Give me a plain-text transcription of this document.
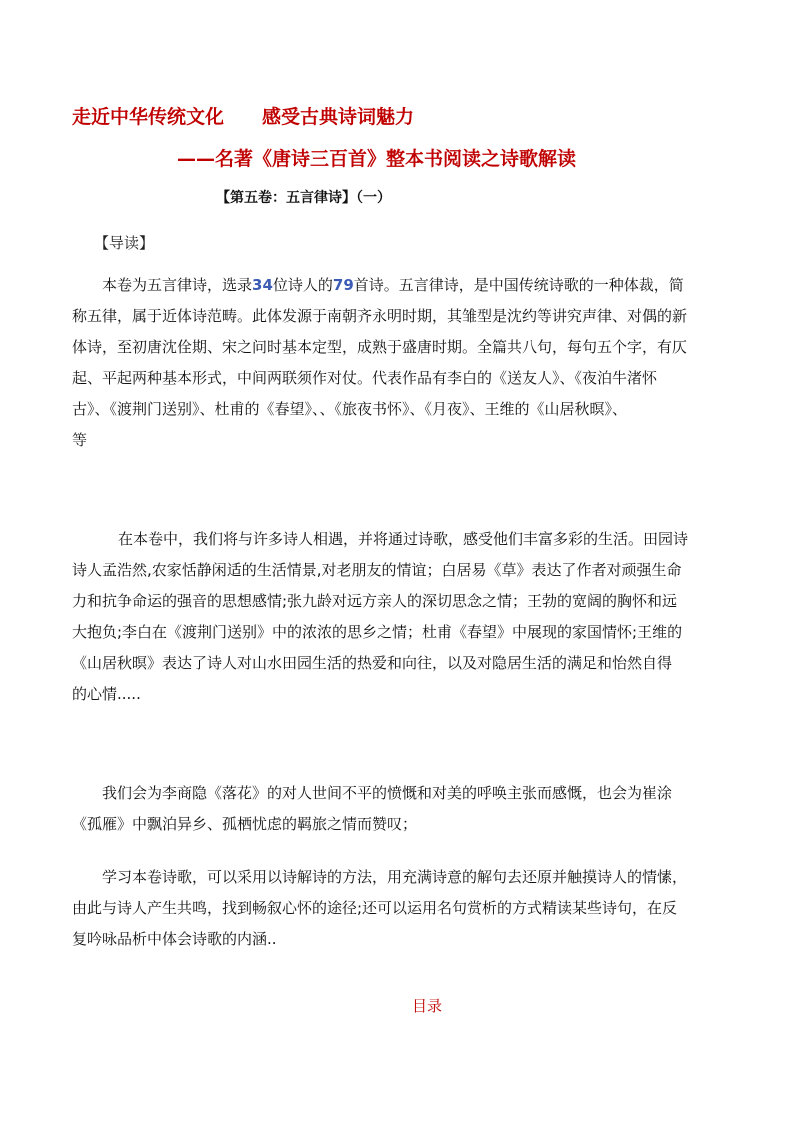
走近中华传统文化 感受古典诗词魅力
——名著《唐诗三百首》整本书阅读之诗歌解读
【第五卷：五言律诗】（一）
【导读】
本卷为五言律诗，选录34位诗人的79首诗。五言律诗，是中国传统诗歌的一种体裁，简
称五律，属于近体诗范畴。此体发源于南朝齐永明时期，其雏型是沈约等讲究声律、对偶的新
体诗，至初唐沈佺期、宋之问时基本定型，成熟于盛唐时期。全篇共八句，每句五个字，有仄
起、平起两种基本形式，中间两联须作对仗。代表作品有李白的《送友人》、《夜泊牛渚怀
古》、《渡荆门送别》、杜甫的《春望》、、《旅夜书怀》、《月夜》、王维的《山居秋暝》、
等
在本卷中，我们将与许多诗人相遇，并将通过诗歌，感受他们丰富多彩的生活。田园诗
诗人孟浩然,农家恬静闲适的生活情景,对老朋友的情谊；白居易《草》表达了作者对顽强生命
力和抗争命运的强音的思想感情;张九龄对远方亲人的深切思念之情；王勃的宽阔的胸怀和远
大抱负;李白在《渡荆门送别》中的浓浓的思乡之情；杜甫《春望》中展现的家国情怀;王维的
《山居秋暝》表达了诗人对山水田园生活的热爱和向往，以及对隐居生活的满足和怡然自得
的心情.....
我们会为李商隐《落花》的对人世间不平的愤慨和对美的呼唤主张而感慨，也会为崔涂
《孤雁》中飘泊异乡、孤栖忧虑的羁旅之情而赞叹；
学习本卷诗歌，可以采用以诗解诗的方法，用充满诗意的解句去还原并触摸诗人的情愫，
由此与诗人产生共鸣，找到畅叙心怀的途径;还可以运用名句赏析的方式精读某些诗句，在反
复吟咏品析中体会诗歌的内涵..
目录
